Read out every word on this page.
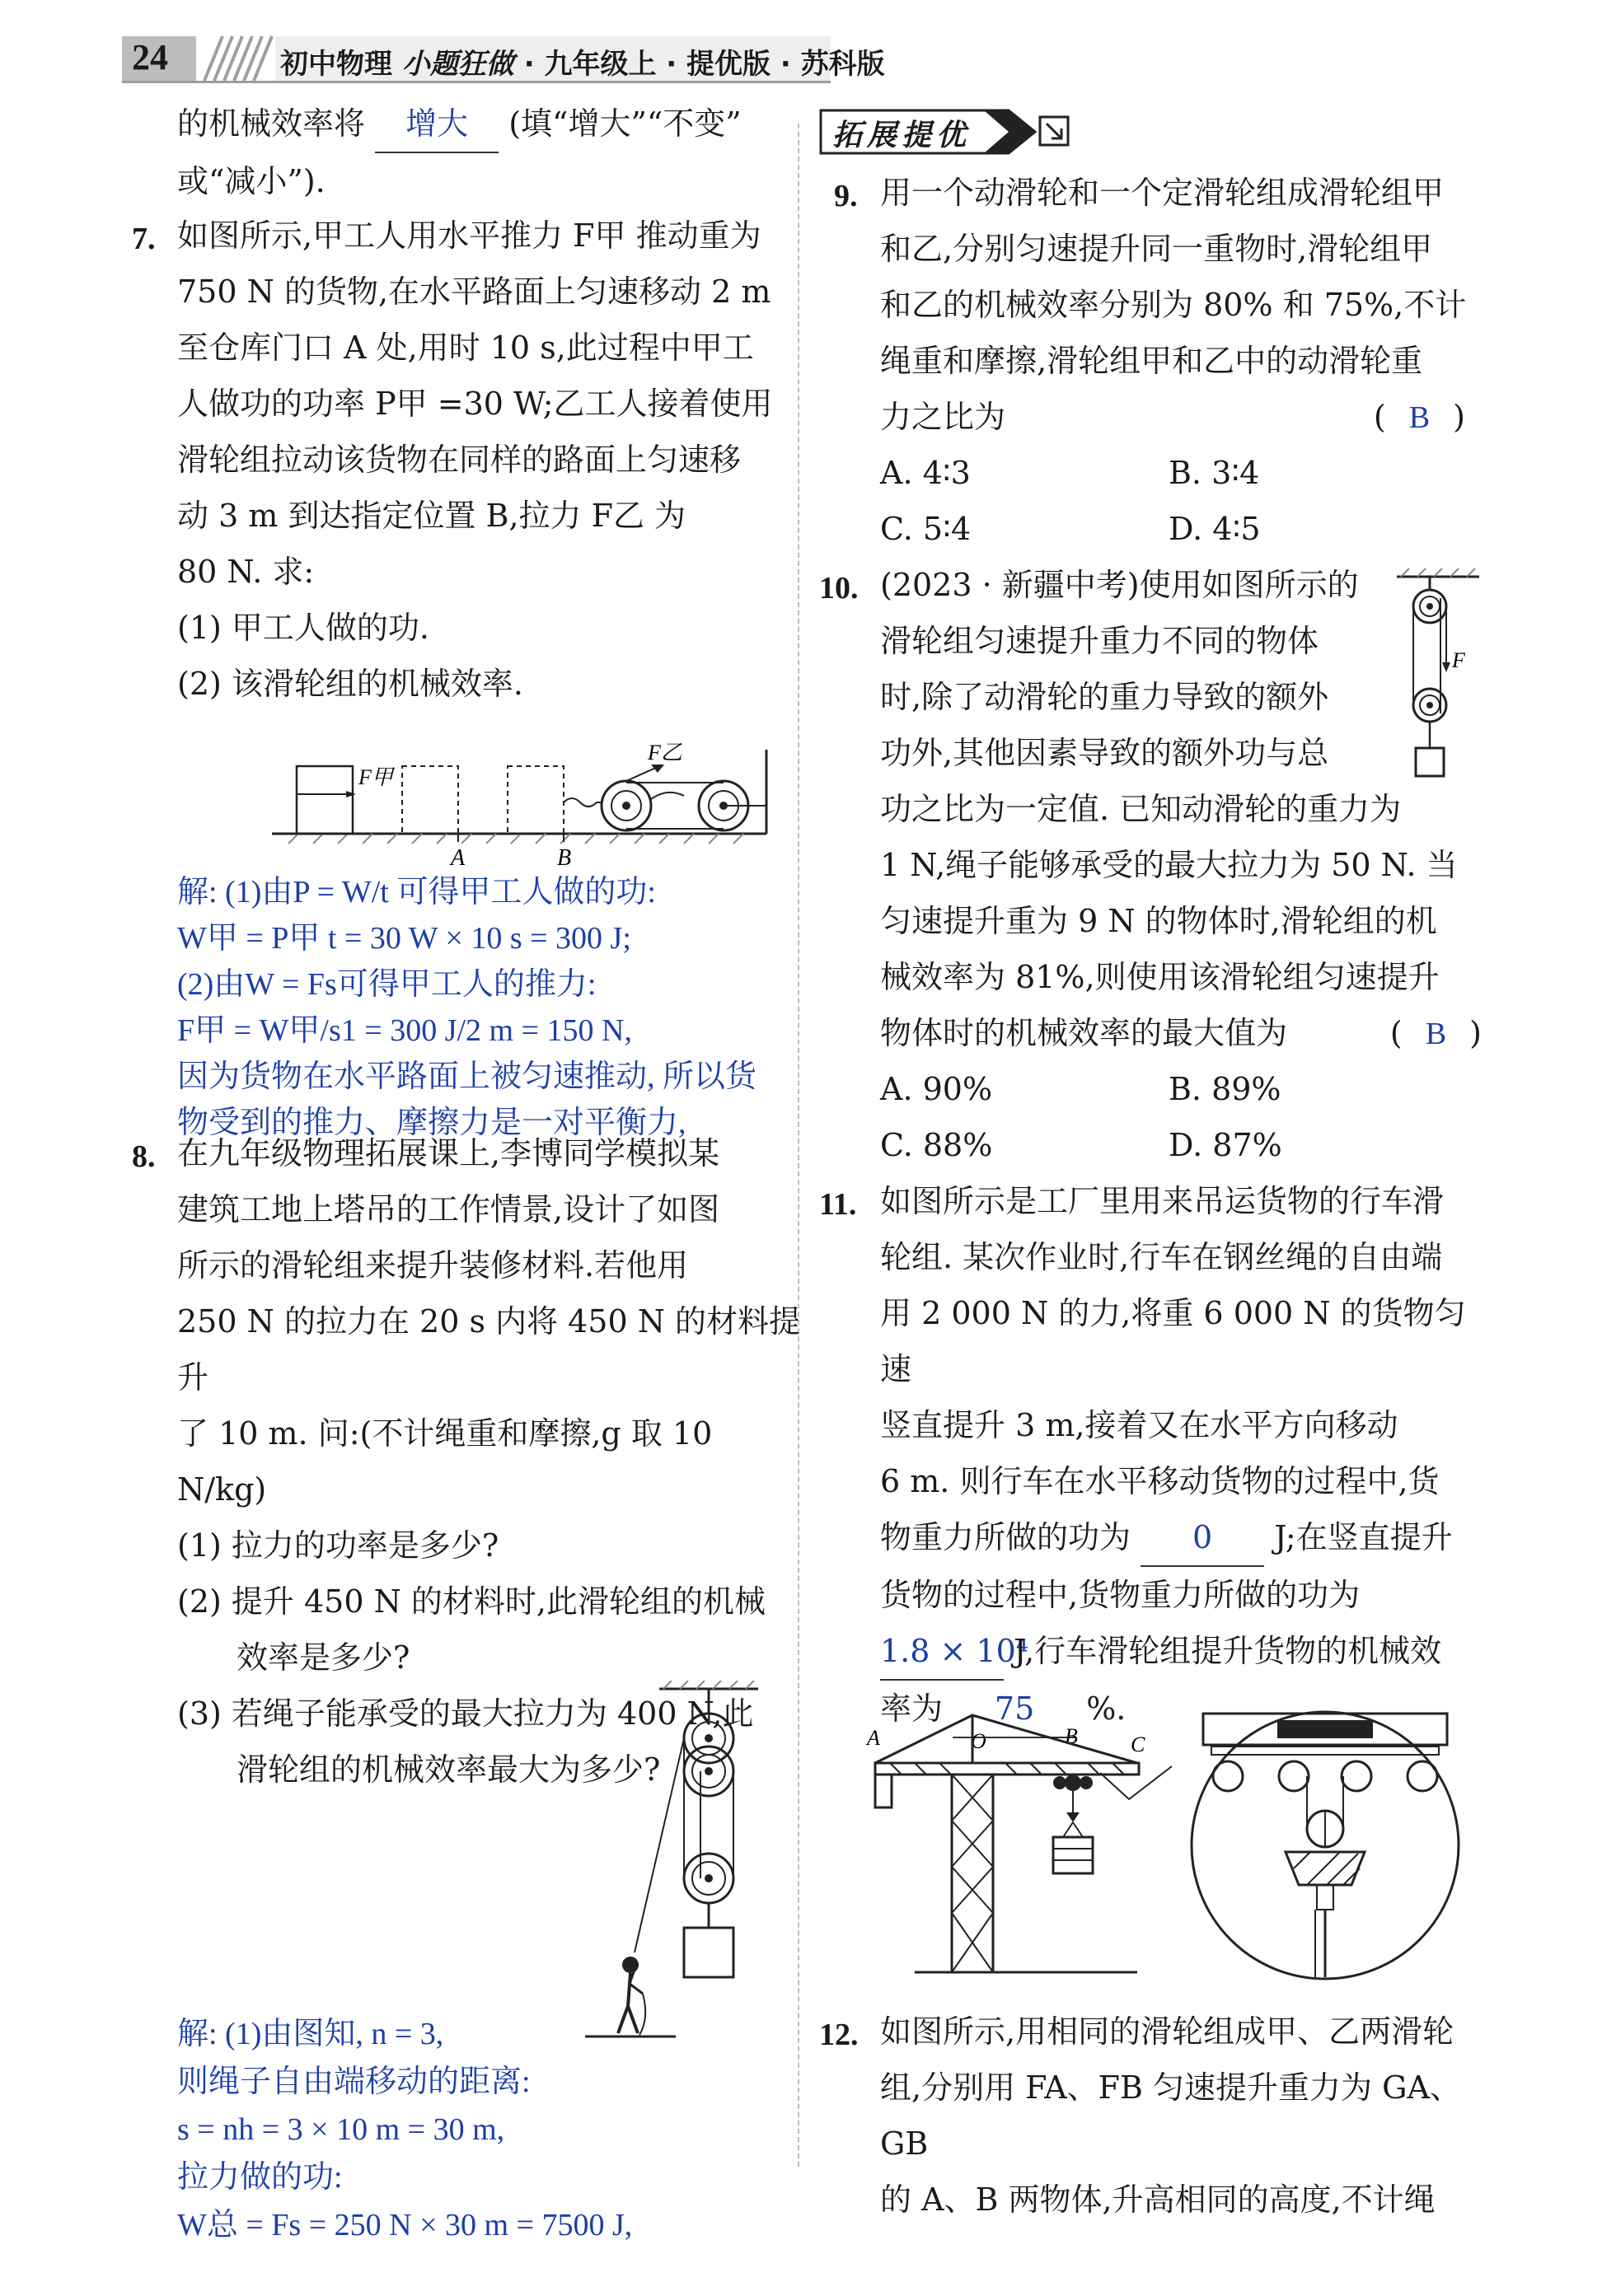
24	初中物理 小题狂做 · 九年级上 · 提优版 · 苏科版
的机械效率将 增大 (填“增大”“不变”
或“减小”).
7. 如图所示,甲工人用水平推力 F甲 推动重为
750 N 的货物,在水平路面上匀速移动 2 m
至仓库门口 A 处,用时 10 s,此过程中甲工
人做功的功率 P甲 =30 W;乙工人接着使用
滑轮组拉动该货物在同样的路面上匀速移
动 3 m 到达指定位置 B,拉力 F乙 为
80 N. 求:
(1) 甲工人做的功.
(2) 该滑轮组的机械效率.
F甲
A	B
F乙
解: (1)由P = W/t 可得甲工人做的功:
W甲 = P甲 t = 30 W × 10 s = 300 J;
(2)由W = Fs可得甲工人的推力:
F甲 = W甲/s1 = 300 J/2 m = 150 N,
因为货物在水平路面上被匀速推动, 所以货
物受到的推力、摩擦力是一对平衡力,
8. 在九年级物理拓展课上,李博同学模拟某
建筑工地上塔吊的工作情景,设计了如图
所示的滑轮组来提升装修材料.若他用
250 N 的拉力在 20 s 内将 450 N 的材料提升
了 10 m. 问:(不计绳重和摩擦,g 取 10 N/kg)
(1) 拉力的功率是多少?
(2) 提升 450 N 的材料时,此滑轮组的机械
效率是多少?
(3) 若绳子能承受的最大拉力为 400 N,此
滑轮组的机械效率最大为多少?
解: (1)由图知, n = 3,
则绳子自由端移动的距离:
s = nh = 3 × 10 m = 30 m,
拉力做的功:
W总 = Fs = 250 N × 30 m = 7500 J,
拓展提优
9. 用一个动滑轮和一个定滑轮组成滑轮组甲
和乙,分别匀速提升同一重物时,滑轮组甲
和乙的机械效率分别为 80% 和 75%,不计
绳重和摩擦,滑轮组甲和乙中的动滑轮重
力之比为	( B )
A. 4∶3	B. 3∶4
C. 5∶4	D. 4∶5
10. (2023 · 新疆中考)使用如图所示的
滑轮组匀速提升重力不同的物体
时,除了动滑轮的重力导致的额外
功外,其他因素导致的额外功与总
功之比为一定值. 已知动滑轮的重力为
1 N,绳子能够承受的最大拉力为 50 N. 当
匀速提升重为 9 N 的物体时,滑轮组的机
械效率为 81%,则使用该滑轮组匀速提升
物体时的机械效率的最大值为	( B )
A. 90%	B. 89%
C. 88%	D. 87%
F
11. 如图所示是工厂里用来吊运货物的行车滑
轮组. 某次作业时,行车在钢丝绳的自由端
用 2 000 N 的力,将重 6 000 N 的货物匀速
竖直提升 3 m,接着又在水平方向移动
6 m. 则行车在水平移动货物的过程中,货
物重力所做的功为 0 J;在竖直提升
货物的过程中,货物重力所做的功为
1.8 × 10⁴ J,行车滑轮组提升货物的机械效
率为 75 %.
A	O	B C
12. 如图所示,用相同的滑轮组成甲、乙两滑轮
组,分别用 FA、FB 匀速提升重力为 GA、GB
的 A、B 两物体,升高相同的高度,不计绳
